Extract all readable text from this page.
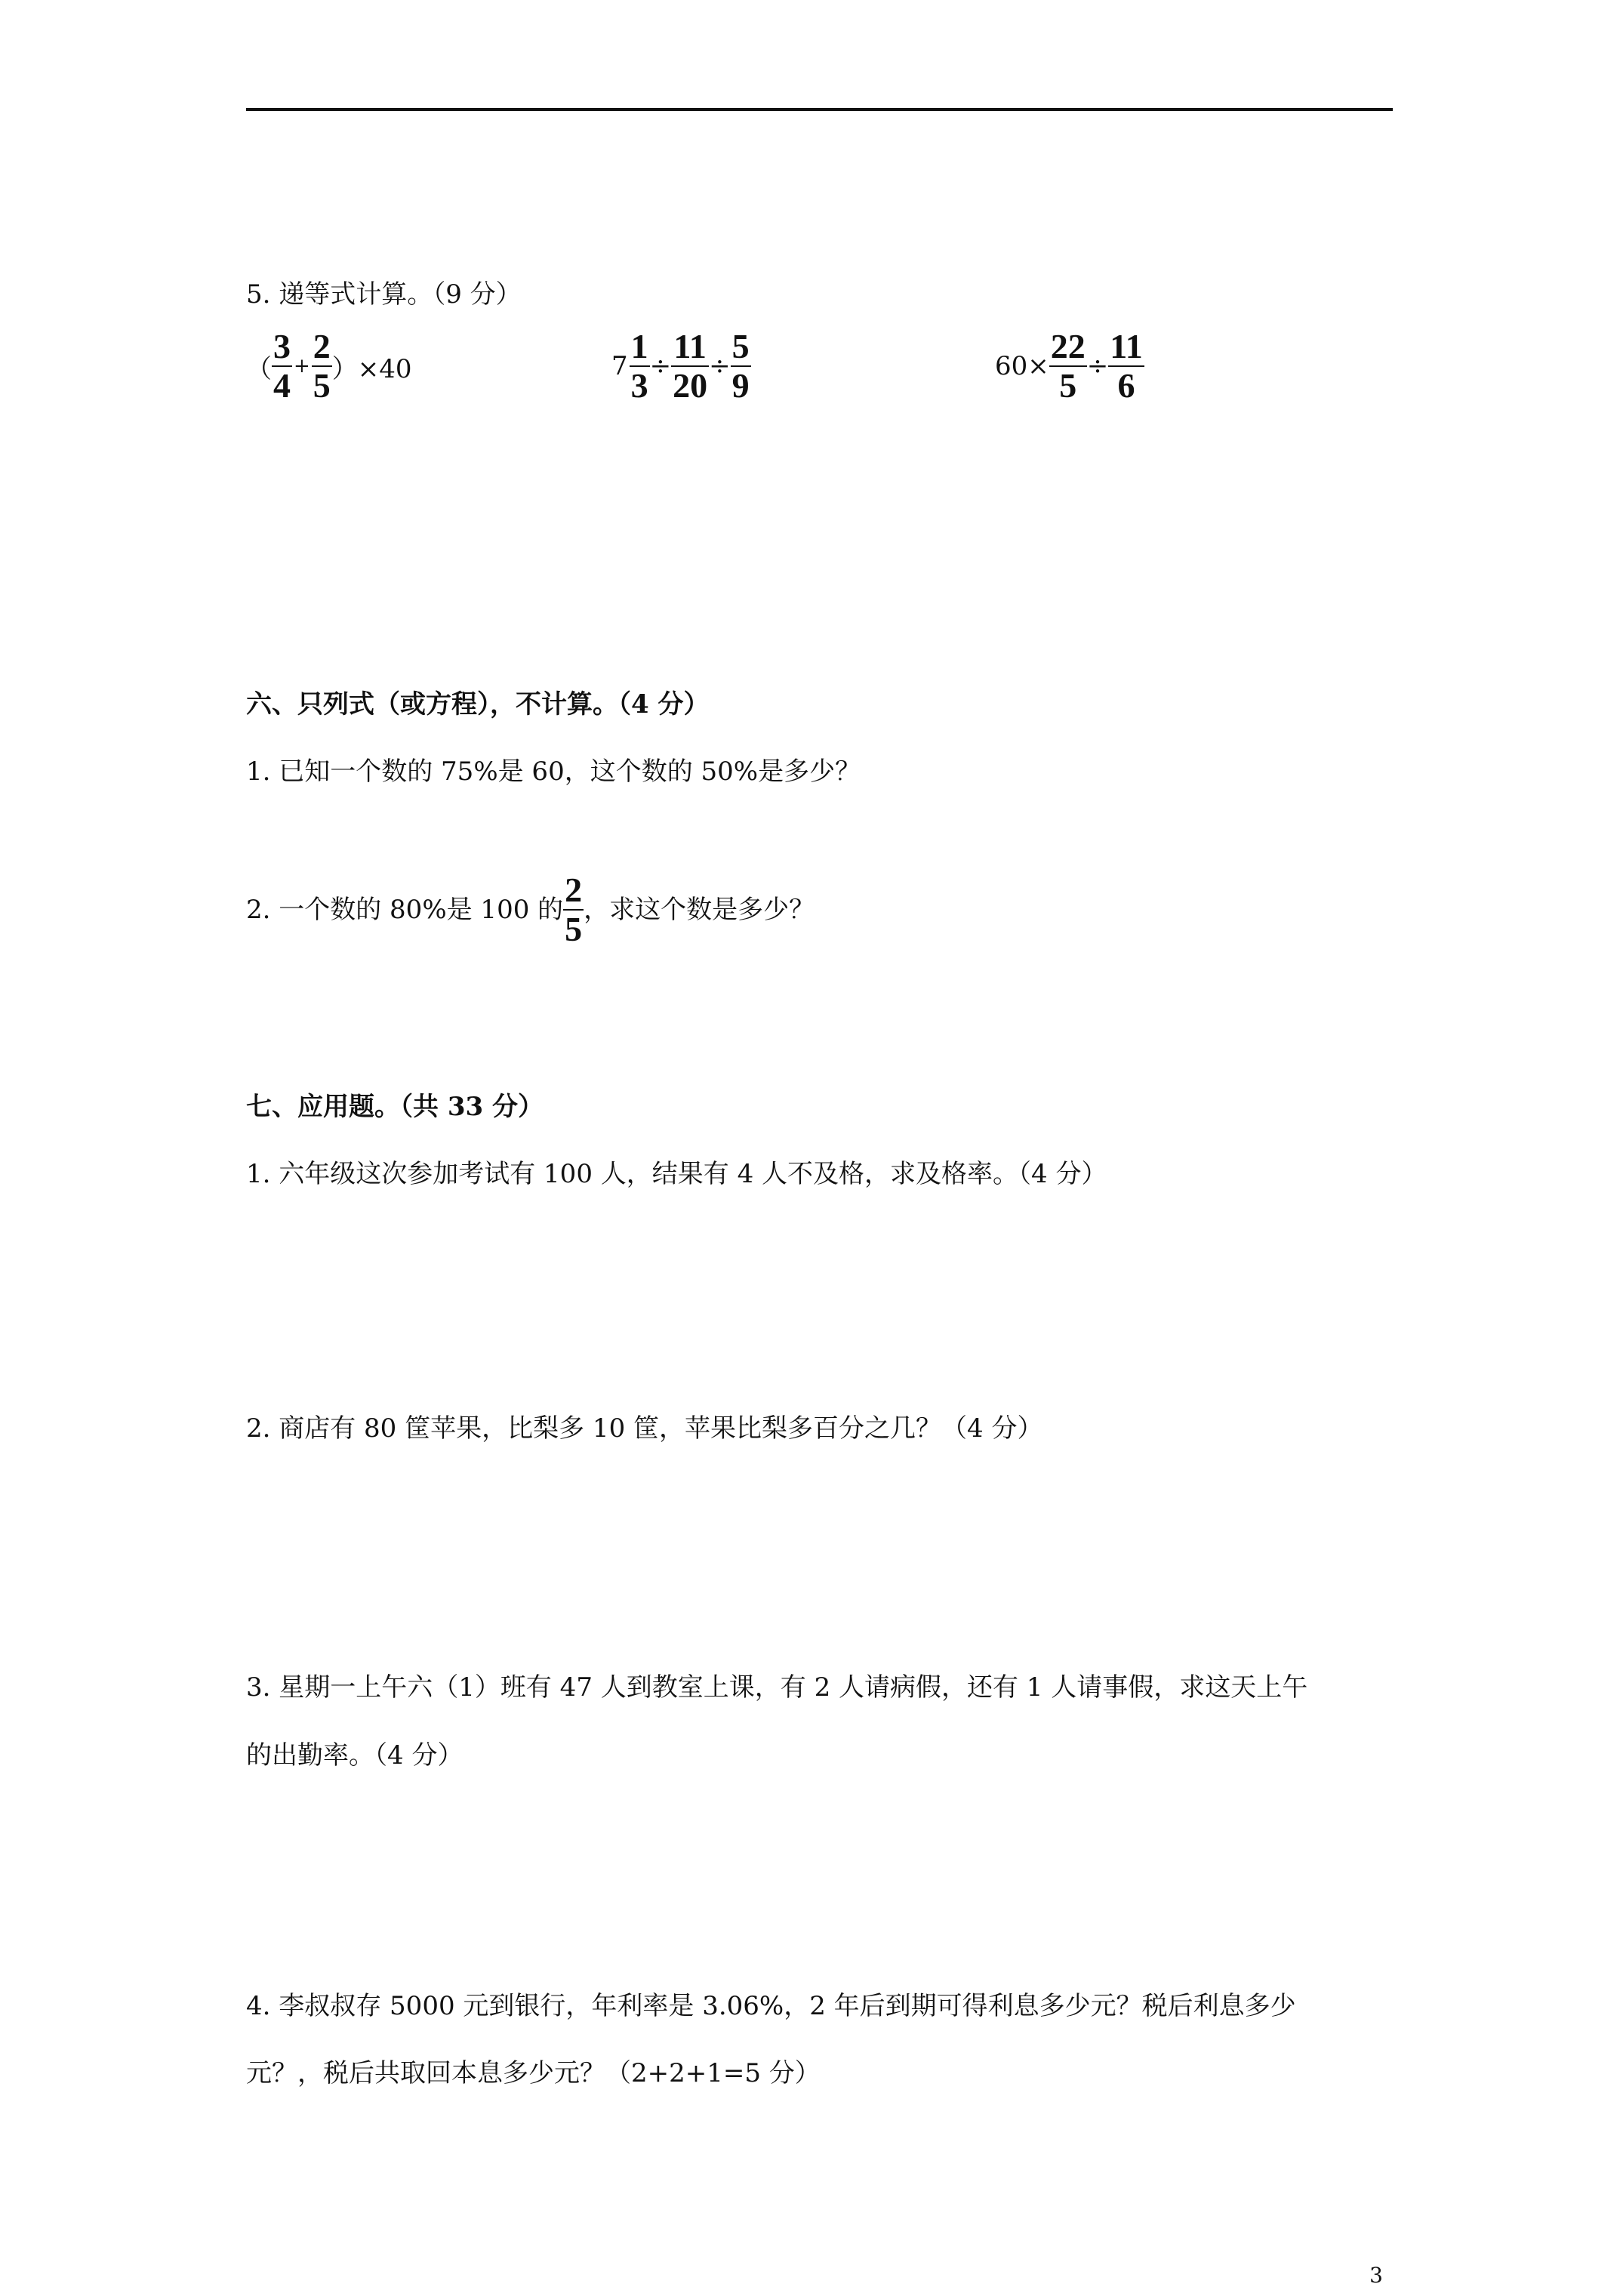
5. 递等式计算。（9 分）
（ $\frac{3}{4} + \frac{2}{5} )\times 40$	$7 \frac{1}{3} \div \frac{11}{20} \div \frac{5}{9}$	$60\times \frac{22}{5} \div \frac{11}{6}$
六、只列式（或方程），不计算。（4 分）
1. 已知一个数的 75%是 60，这个数的 50%是多少？
2. 一个数的 80%是 100 的 $\frac{2}{5}$ ，求这个数是多少？
七、应用题。（共 33 分）
1. 六年级这次参加考试有 100 人，结果有 4 人不及格，求及格率。（4 分）
2. 商店有 80 筐苹果，比梨多 10 筐，苹果比梨多百分之几？（4 分）
3. 星期一上午六（1）班有 47 人到教室上课，有 2 人请病假，还有 1 人请事假，求这天上午
的出勤率。（4 分）
4. 李叔叔存 5000 元到银行，年利率是 3.06%，2 年后到期可得利息多少元？税后利息多少
元？，税后共取回本息多少元？（2+2+1=5 分）
3
